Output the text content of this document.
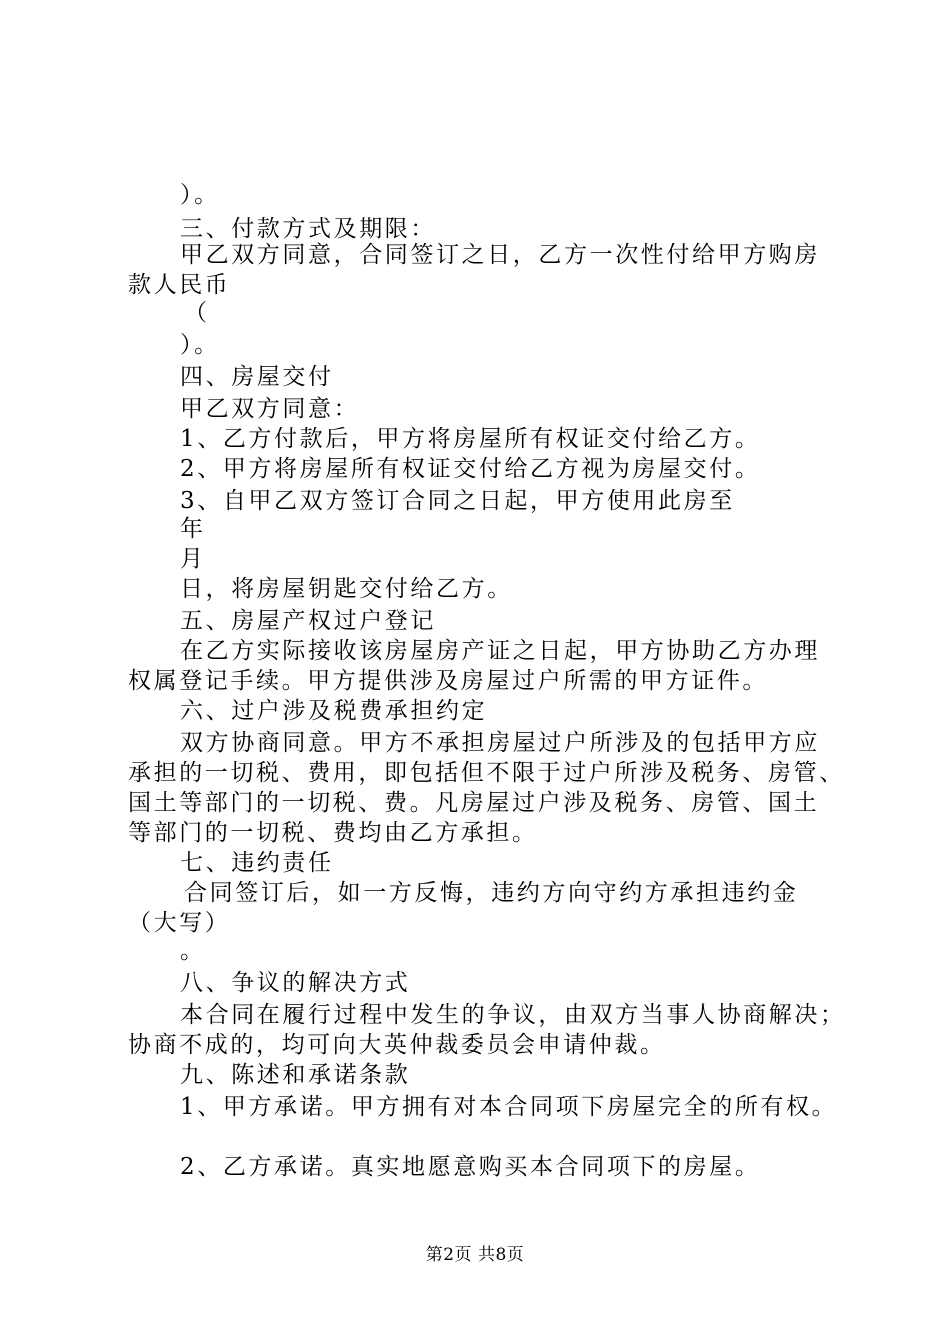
）。
三、付款方式及期限：
甲乙双方同意，合同签订之日，乙方一次性付给甲方购房
款人民币
（
）。
四、房屋交付
甲乙双方同意：
1、乙方付款后，甲方将房屋所有权证交付给乙方。
2、甲方将房屋所有权证交付给乙方视为房屋交付。
3、自甲乙双方签订合同之日起，甲方使用此房至
年
月
日，将房屋钥匙交付给乙方。
五、房屋产权过户登记
在乙方实际接收该房屋房产证之日起，甲方协助乙方办理
权属登记手续。甲方提供涉及房屋过户所需的甲方证件。
六、过户涉及税费承担约定
双方协商同意。甲方不承担房屋过户所涉及的包括甲方应
承担的一切税、费用，即包括但不限于过户所涉及税务、房管、
国土等部门的一切税、费。凡房屋过户涉及税务、房管、国土
等部门的一切税、费均由乙方承担。
七、违约责任
合同签订后，如一方反悔，违约方向守约方承担违约金
（大写）
。
八、争议的解决方式
本合同在履行过程中发生的争议，由双方当事人协商解决；
协商不成的，均可向大英仲裁委员会申请仲裁。
九、陈述和承诺条款
1、甲方承诺。甲方拥有对本合同项下房屋完全的所有权。
2、乙方承诺。真实地愿意购买本合同项下的房屋。
第2页 共8页
